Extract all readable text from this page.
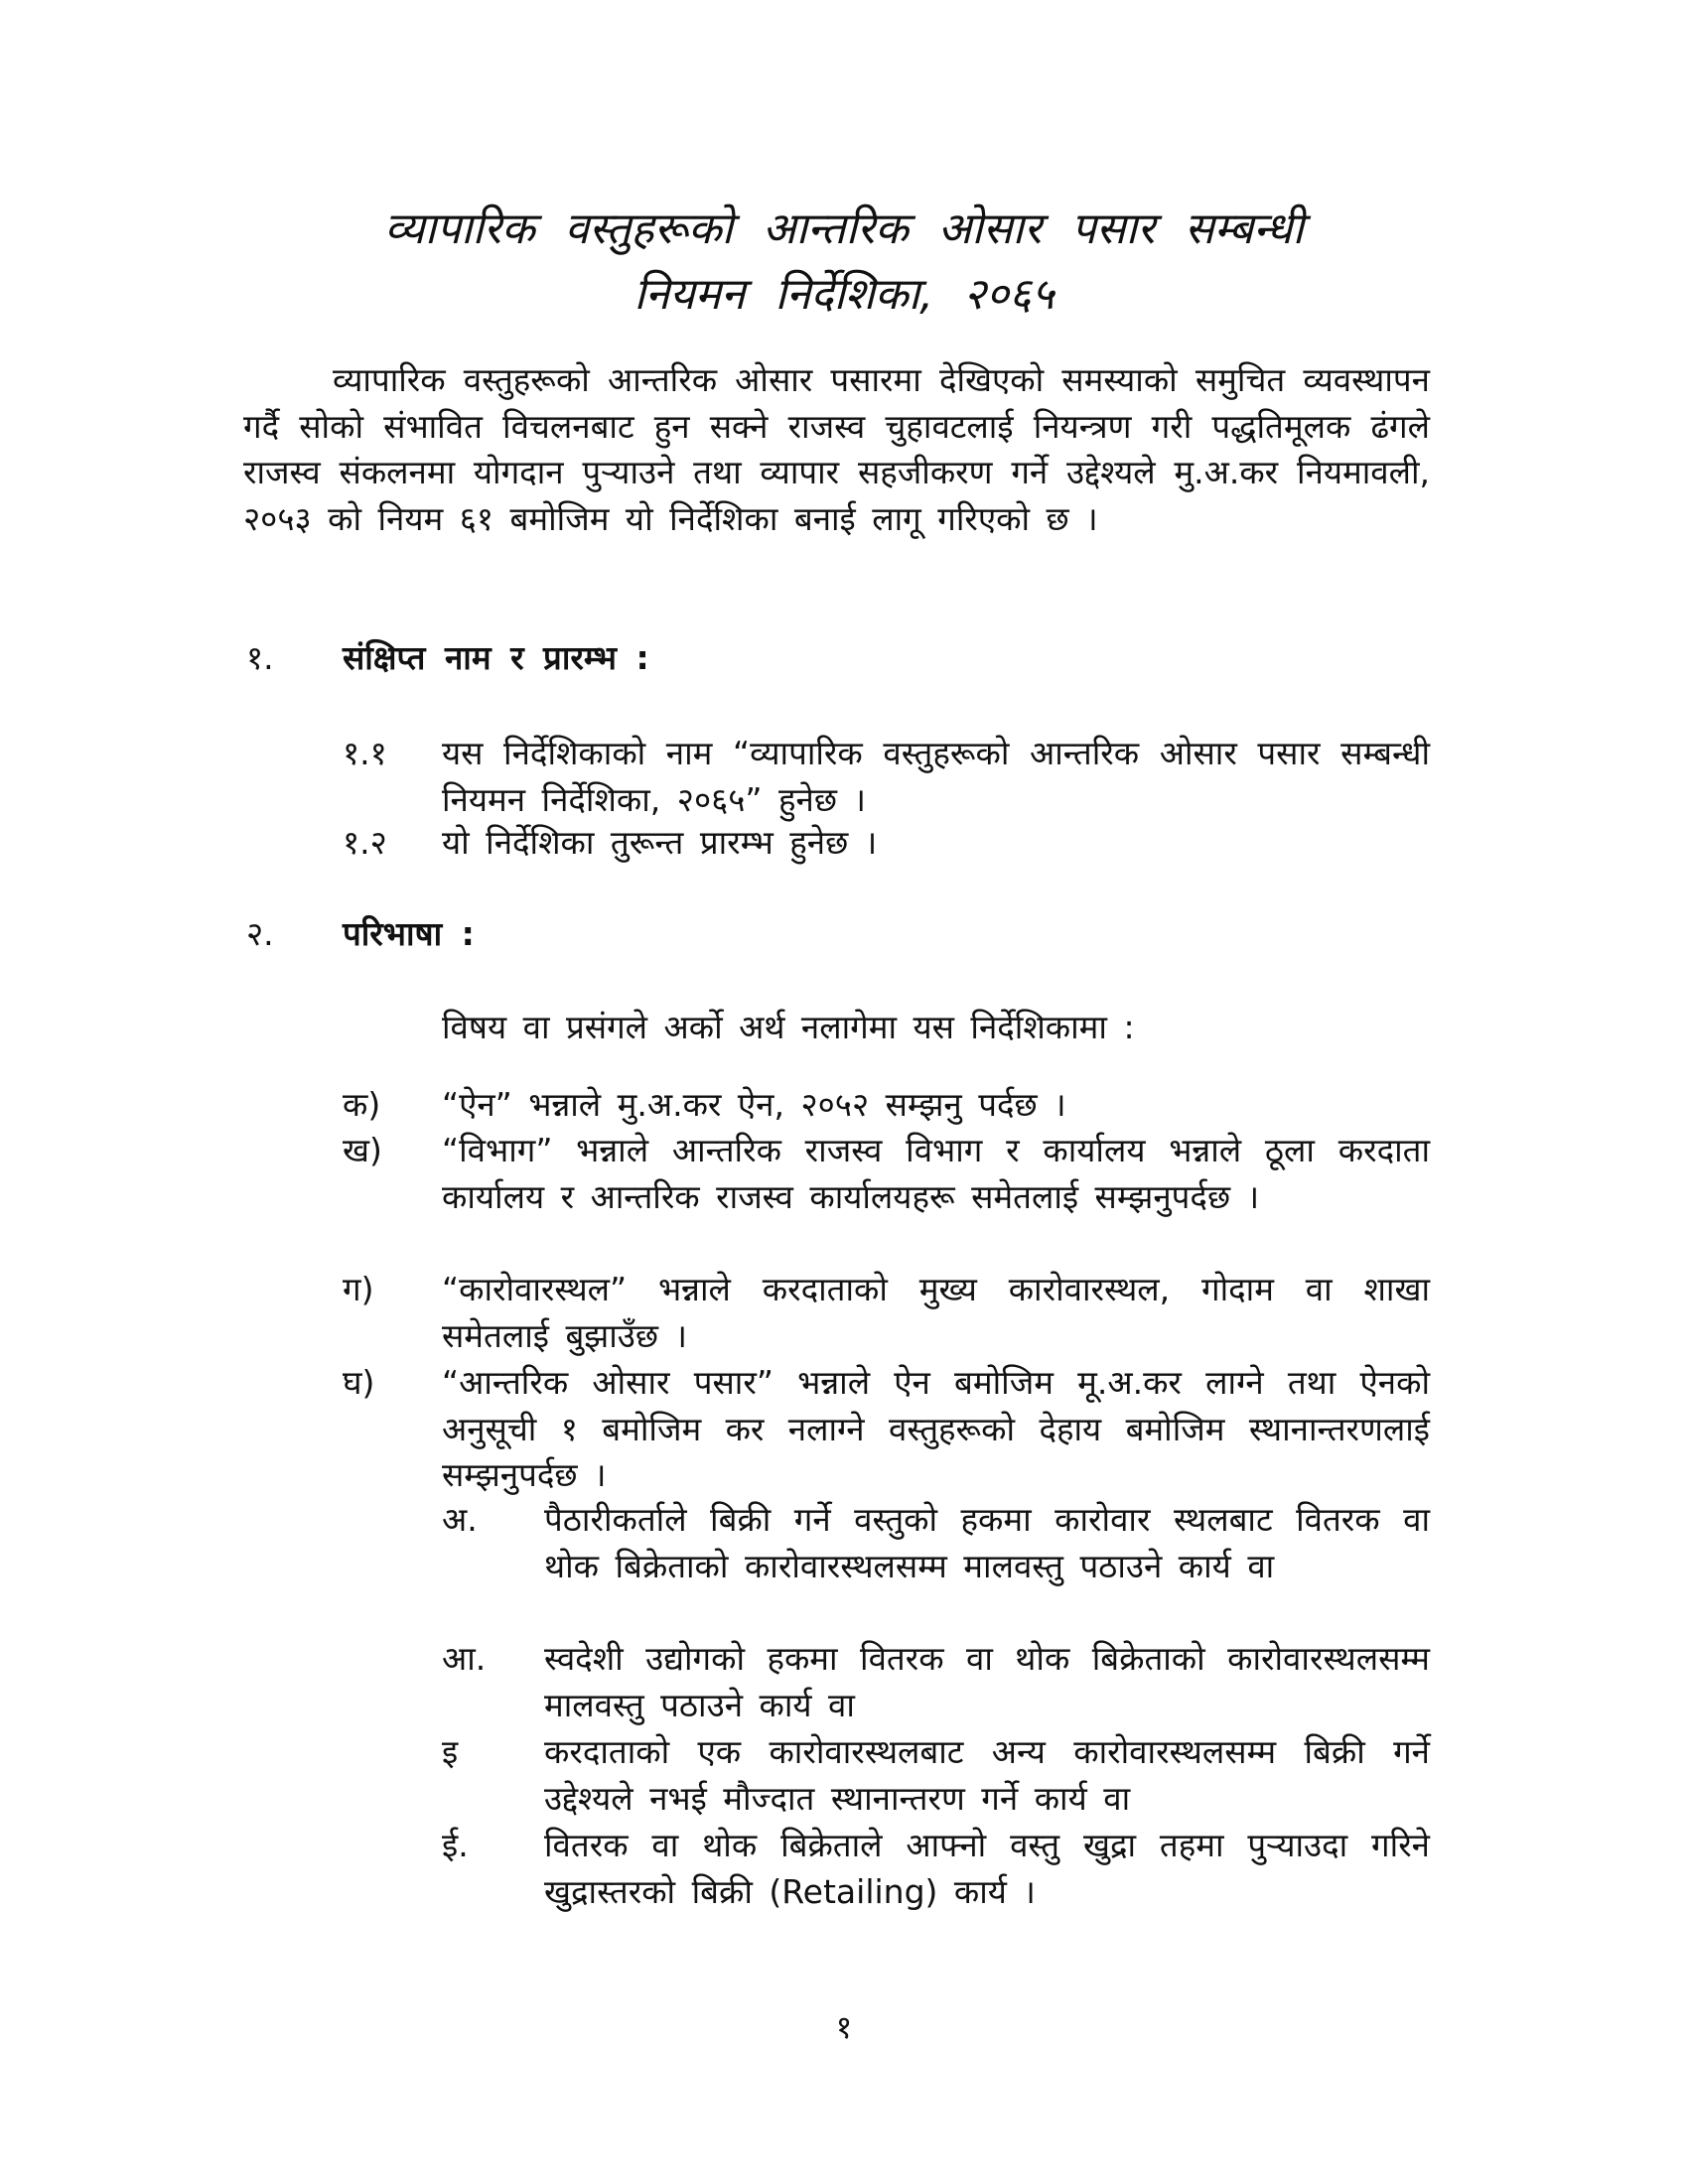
व्यापारिक वस्तुहरूको आन्तरिक ओसार पसार सम्बन्धी
नियमन निर्देशिका, २०६५
व्यापारिक वस्तुहरूको आन्तरिक ओसार पसारमा देखिएको समस्याको समुचित व्यवस्थापन गर्दै सोको संभावित विचलनबाट हुन सक्ने राजस्व चुहावटलाई नियन्त्रण गरी पद्धतिमूलक ढंगले राजस्व संकलनमा योगदान पुऱ्याउने तथा व्यापार सहजीकरण गर्ने उद्देश्यले मु.अ.कर नियमावली, २०५३ को नियम ६१ बमोजिम यो निर्देशिका बनाई लागू गरिएको छ ।
१. संक्षिप्त नाम र प्रारम्भ :
१.१ यस निर्देशिकाको नाम “व्यापारिक वस्तुहरूको आन्तरिक ओसार पसार सम्बन्धी नियमन निर्देशिका, २०६५” हुनेछ ।
१.२ यो निर्देशिका तुरून्त प्रारम्भ हुनेछ ।
२. परिभाषा :
विषय वा प्रसंगले अर्को अर्थ नलागेमा यस निर्देशिकामा :
क) “ऐन” भन्नाले मु.अ.कर ऐन, २०५२ सम्झनु पर्दछ ।
ख) “विभाग” भन्नाले आन्तरिक राजस्व विभाग र कार्यालय भन्नाले ठूला करदाता कार्यालय र आन्तरिक राजस्व कार्यालयहरू समेतलाई सम्झनुपर्दछ ।
ग) “कारोवारस्थल” भन्नाले करदाताको मुख्य कारोवारस्थल, गोदाम वा शाखा समेतलाई बुझाउँछ ।
घ) “आन्तरिक ओसार पसार” भन्नाले ऐन बमोजिम मू.अ.कर लाग्ने तथा ऐनको अनुसूची १ बमोजिम कर नलाग्ने वस्तुहरूको देहाय बमोजिम स्थानान्तरणलाई सम्झनुपर्दछ ।
अ. पैठारीकर्ताले बिक्री गर्ने वस्तुको हकमा कारोवार स्थलबाट वितरक वा थोक बिक्रेताको कारोवारस्थलसम्म मालवस्तु पठाउने कार्य वा
आ. स्वदेशी उद्योगको हकमा वितरक वा थोक बिक्रेताको कारोवारस्थलसम्म मालवस्तु पठाउने कार्य वा
इ	करदाताको एक कारोवारस्थलबाट अन्य कारोवारस्थलसम्म बिक्री गर्ने उद्देश्यले नभई मौज्दात स्थानान्तरण गर्ने कार्य वा
ई. वितरक वा थोक बिक्रेताले आफ्नो वस्तु खुद्रा तहमा पुऱ्याउदा गरिने खुद्रास्तरको बिक्री (Retailing) कार्य ।
१
